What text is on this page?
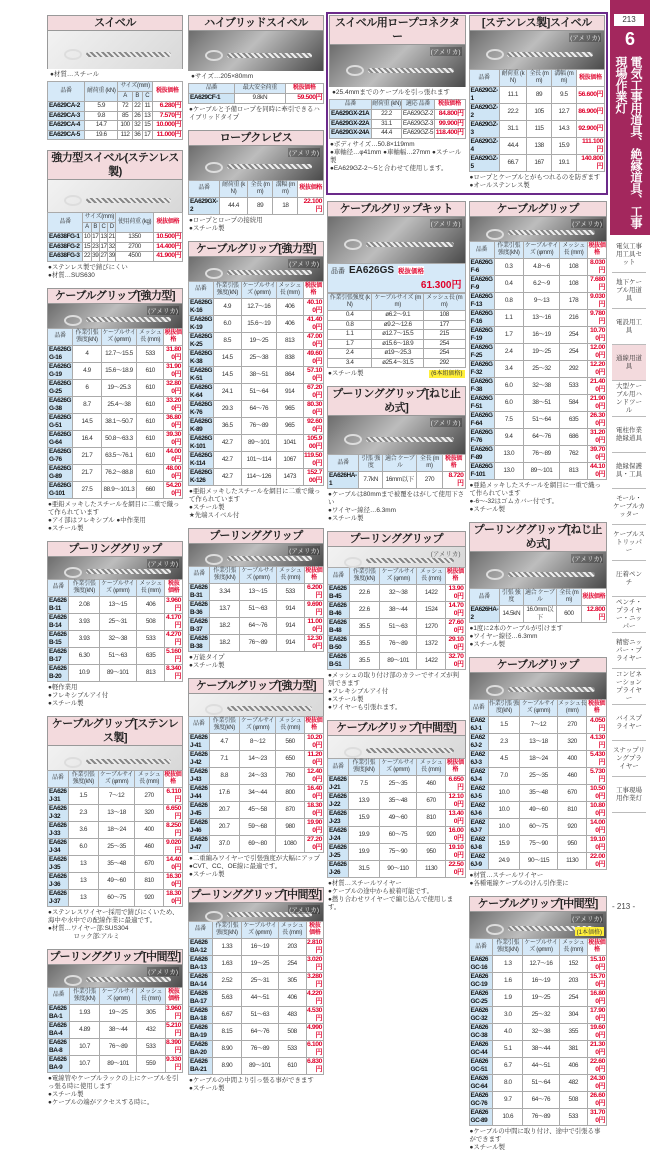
スイベル
●材質…スチール
品番	耐荷重 (kN)	サイズ(mm)			税抜価格
		A	B	C	
EA629CA-2	5.9	72	22	11	6.280円
EA629CA-3	9.8	85	26	13	7.570円
EA629CA-4	14.7	100	32	15	10.000円
EA629CA-5	19.6	112	36	17	11.000円
強力型スイベル(ステンレス製)
品番	サイズ(mm)				使用荷重 (kg)	税抜価格
	A	B	C	D		
EA638FG-1	10	17	13	21	1350	10.500円
EA638FG-2	15	23	17	32	2700	14.400円
EA638FG-3	22	39	27	39	4500	41.900円
●ステンレス製で錆びにくい
●材質…SUS630
ケーブルグリップ[強力型]
(アメリカ)
品番	作業引張 強度(kN)	ケーブルサイズ (φmm)	メッシュ長 (mm)	税抜価格
EA626GG-16	4	12.7～15.5	533	31.800円
EA626GG-19	4.9	15.6～18.9	610	31.900円
EA626GG-25	6	19～25.3	610	32.800円
EA626GG-38	8.7	25.4～38	610	33.200円
EA626GG-51	14.5	38.1～50.7	610	36.800円
EA626GG-64	16.4	50.8～63.3	610	39.300円
EA626GG-76	21.7	63.5～76.1	610	44.000円
EA626GG-89	21.7	76.2～88.8	610	48.000円
EA626GG-101	27.5	88.9～101.3	660	54.200円
●亜鉛メッキしたスチールを網目に二重で織って作られています
●アイ部はフレキシブル ●中作業用
●スチール製
プーリンググリップ
(アメリカ)
品番	作業引張 強度(kN)	ケーブルサイズ (φmm)	メッシュ長 (mm)	税抜価格
EA626B-11	2.08	13～15	406	3.960円
EA626B-14	3.93	25～31	508	4.170円
EA626B-15	3.93	32～38	533	4.270円
EA626B-17	6.30	51～63	635	5.160円
EA626B-20	10.9	89～101	813	8.340円
●軽作業用
●フレキシブルアイ付
●スチール製
ケーブルグリップ[ステンレス製]
品番	作業引張 強度(kN)	ケーブルサイズ (φmm)	メッシュ長 (mm)	税抜価格
EA626J-31	1.5	7～12	270	6.110円
EA626J-32	2.3	13～18	320	6.650円
EA626J-33	3.6	18～24	400	8.250円
EA626J-34	6.0	25～35	460	9.020円
EA626J-35	13	35～48	670	14.400円
EA626J-36	13	49～60	810	16.300円
EA626J-37	13	60～75	920	18.300円
●ステンレスワイヤー採用で錆びにくいため、海中や水中での配線作業に最適です。
●材質…ワイヤー部:SUS304
　　　　ロック部:アルミ
プーリンググリップ[中間型]
(アメリカ)
品番	作業引張 強度(kN)	ケーブルサイズ (φmm)	メッシュ長 (mm)	税抜価格
EA626BA-1	1.93	19～25	305	3.960円
EA626BA-4	4.89	38～44	432	5.210円
EA626BA-8	10.7	76～89	533	8.390円
EA626BA-9	10.7	89～101	559	9.330円
●電線管やケーブルラックの上にケーブルを引っ張る時に使用します
●スチール製
●ケーブルの端がアクセスする時に。
ハイブリッドスイベル
●サイズ…205×80mm
品番	最大安全荷重	税抜価格
EA629CF-1	9.8kN	59.500円
●ケーブルと予備ロープを同時に牽引できるハイブリッドタイプ
ロープクレビス
(アメリカ)
品番	耐荷重 (kN)	全長 (mm)	溝幅 (mm)	税抜価格
EA629GX-2	44.4	89	18	22.100円
●ロープとロープの接続用
●スチール製
ケーブルグリップ[強力型]
(アメリカ)
品番	作業引張 強度(kN)	ケーブルサイズ (φmm)	メッシュ長 (mm)	税抜価格
EA626GK-16	4.9	12.7～16	406	40.100円
EA626GK-19	6.0	15.6～19	406	41.400円
EA626GK-25	8.5	19～25	813	47.000円
EA626GK-38	14.5	25～38	838	49.600円
EA626GK-51	14.5	38～51	864	57.100円
EA626GK-64	24.1	51～64	914	67.200円
EA626GK-76	29.3	64～76	965	80.300円
EA626GK-89	36.5	76～89	965	92.600円
EA626GK-101	42.7	89～101	1041	105.900円
EA626GK-114	42.7	101～114	1067	119.500円
EA626GK-126	42.7	114～126	1473	152.700円
●亜鉛メッキしたスチールを網目に二重で織って作られています
●スチール製
★先端スイベル付
プーリンググリップ
(アメリカ)
品番	作業引張 強度(kN)	ケーブルサイズ (φmm)	メッシュ長 (mm)	税抜価格
EA626B-31	3.34	13～15	533	6.200円
EA626B-36	13.7	51～63	914	9.690円
EA626B-37	18.2	64～76	914	11.000円
EA626B-38	18.2	76～89	914	12.300円
●万能タイプ
●スチール製
ケーブルグリップ[強力型]
品番	作業引張 強度(kN)	ケーブルサイズ (φmm)	メッシュ長 (mm)	税抜価格
EA626J-41	4.7	8～12	560	10.200円
EA626J-42	7.1	14～23	650	11.200円
EA626J-43	8.8	24～33	760	12.400円
EA626J-44	17.6	34～44	800	16.400円
EA626J-45	20.7	45～58	870	18.300円
EA626J-46	20.7	59～68	980	19.900円
EA626J-47	37.0	69～80	1080	27.200円
●二重編みワイヤーで引張強度が大幅にアップ
●CVT、CC、OE線に最適です。
●スチール製
プーリンググリップ[中間型]
(アメリカ)
品番	作業引張 強度(kN)	ケーブルサイズ (φmm)	メッシュ長 (mm)	税抜価格
EA626BA-12	1.33	16～19	203	2.810円
EA626BA-13	1.63	19～25	254	3.020円
EA626BA-14	2.52	25～31	305	3.280円
EA626BA-17	5.63	44～51	406	4.220円
EA626BA-18	6.67	51～63	483	4.530円
EA626BA-19	8.15	64～76	508	4.990円
EA626BA-20	8.90	76～89	533	6.100円
EA626BA-21	8.90	89～101	610	6.830円
●ケーブルの中間より引っ張る事ができます
●スチール製
スイベル用ロープコネクター
(アメリカ)
●25.4mmまでのケーブルを引っ張れます
品番	耐荷重 (kN)	適応 品番	税抜価格
EA629GX-21A	22.2	EA629GZ-2	84.800円
EA629GX-22A	31.1	EA629GZ-3	99.900円
EA629GX-24A	44.4	EA629GZ-5	118.400円
●ボディサイズ…50.8×119mm
●車軸径…φ41mm ●車軸幅…27mm ●スチール製
●EA629GZ-2～5と合わせて使用します。
[ステンレス製]スイベル
(アメリカ)
品番	耐荷重 (kN)	全長 (mm)	溝幅 (mm)	税抜価格
EA629GZ-1	11.1	89	9.5	56.600円
EA629GZ-2	22.2	105	12.7	86.900円
EA629GZ-3	31.1	115	14.3	92.900円
EA629GZ-4	44.4	138	15.9	111.100円
EA629GZ-5	66.7	167	19.1	140.800円
●ロープとケーブルとがもつれるのを防ぎます
●オールステンレス製
ケーブルグリップキット
(アメリカ)
品番 EA626GS 税抜価格
61.300円
作業引張強度 (kN)	ケーブルサイズ (mm)	メッシュ長 (mm)
0.4	ø6.2～9.1	108
0.8	ø9.2～12.6	177
1.1	ø12.7～15.5	215
1.7	ø15.6～18.9	254
2.4	ø19～25.3	254
3.4	ø25.4～31.5	292
(6本組価格)
●スチール製
プーリンググリップ[ねじ止め式]
(アメリカ)
品番	引張 強度	適合 ケーブル	全長 (mm)	税抜価格
EA626HA-1	7.7kN	16mm以下	270	8.720円
●ケーブルは80mmまで被覆をはがして使用下さい
●ワイヤー線径…6.3mm
●スチール製
プーリンググリップ
(アメリカ)
品番	作業引張 強度(kN)	ケーブルサイズ (φmm)	メッシュ長 (mm)	税抜価格
EA626B-45	22.6	32～38	1422	13.900円
EA626B-46	22.6	38～44	1524	14.700円
EA626B-48	35.5	51～63	1270	27.600円
EA626B-50	35.5	76～89	1372	29.100円
EA626B-51	35.5	89～101	1422	32.700円
●メッシュの取り付け部のカラーでサイズが判別できます
●フレキシブルアイ付
●スチール製
●ワイヤーも引張れます。
ケーブルグリップ[中間型]
品番	作業引張 強度(kN)	ケーブルサイズ (φmm)	メッシュ長 (mm)	税抜価格
EA626J-21	7.5	25～35	460	6.650円
EA626J-22	13.9	35～48	670	12.100円
EA626J-23	15.9	49～60	810	13.400円
EA626J-24	19.9	60～75	920	16.000円
EA626J-25	19.9	75～90	950	19.100円
EA626J-26	31.5	90～110	1130	22.500円
●材質…スチールワイヤー
●ケーブルの途中から被着可能です。
●撚り合わせワイヤーで編じ込んで使用します。
ケーブルグリップ
(アメリカ)
品番	作業引張 強度(kN)	ケーブルサイズ (φmm)	メッシュ長 (mm)	税抜価格
EA626GF-6	0.3	4.8～6	108	8.030円
EA626GF-9	0.4	6.2～9	108	7.680円
EA626GF-13	0.8	9～13	178	9.030円
EA626GF-16	1.1	13～16	216	9.780円
EA626GF-19	1.7	16～19	254	10.700円
EA626GF-25	2.4	19～25	254	12.000円
EA626GF-32	3.4	25～32	292	12.200円
EA626GF-38	6.0	32～38	533	21.400円
EA626GF-51	6.0	38～51	584	21.900円
EA626GF-64	7.5	51～64	635	26.300円
EA626GF-76	9.4	64～76	686	31.200円
EA626GF-89	13.0	76～89	762	39.700円
EA626GF-101	13.0	89～101	813	44.100円
●亜鉛メッキしたスチールを網目に一重で織って作られています
●-6～-32はゴムカバー付です。
●スチール製
プーリンググリップ[ねじ止め式]
(アメリカ)
品番	引張 強度	適合 ケーブル	全長 (mm)	税抜価格
EA626HA-2	14.5kN	16.0mm以下	600	12.800円
●1度に2本のケーブルが引けます
●ワイヤー線径…6.3mm
●スチール製
ケーブルグリップ
品番	作業引張 強度(kN)	ケーブルサイズ (φmm)	メッシュ長 (mm)	税抜価格
EA626J-1	1.5	7～12	270	4.050円
EA626J-2	2.3	13～18	320	4.130円
EA626J-3	4.5	18～24	400	5.430円
EA626J-4	7.0	25～35	460	5.730円
EA626J-5	10.0	35～48	670	10.500円
EA626J-6	10.0	49～60	810	10.800円
EA626J-7	10.0	60～75	920	14.000円
EA626J-8	15.9	75～90	950	19.100円
EA626J-9	24.9	90～115	1130	22.000円
●材質…スチールワイヤー
●各種電線ケーブルのけん引作業に
ケーブルグリップ[中間型]
(アメリカ)
(1本価格)
品番	作業引張 強度(kN)	ケーブルサイズ (φmm)	メッシュ長 (mm)	税抜価格
EA626GC-16	1.3	12.7～16	152	15.100円
EA626GC-19	1.6	16～19	203	15.700円
EA626GC-25	1.9	19～25	254	16.800円
EA626GC-32	3.0	25～32	304	17.900円
EA626GC-38	4.0	32～38	355	19.600円
EA626GC-44	5.1	38～44	381	21.300円
EA626GC-51	6.7	44～51	406	22.600円
EA626GC-64	8.0	51～64	482	24.300円
EA626GC-76	9.7	64～76	508	26.600円
EA626GC-89	10.6	76～89	533	31.700円
●ケーブルの中間に取り付け、途中で引張る事ができます
●スチール製
213
6
電気工事用道具、絶縁道具、工事現場作業灯
電気工事用工具セット
地下ケーブル用道具
電設用工具
通線用道具
大型ケーブル用ハンドツール
電柱作業絶縁道具
絶縁保護具・工具
モール・ケーブルカッター
ケーブルストリッパー
圧着ペンチ
ペンチ・プライヤー・ニッパー
精密ニッパー・プライヤー
コンビネーションプライヤー
バイスプライヤー
スナップリングプライヤー
工事現場用作業灯
- 213 -
